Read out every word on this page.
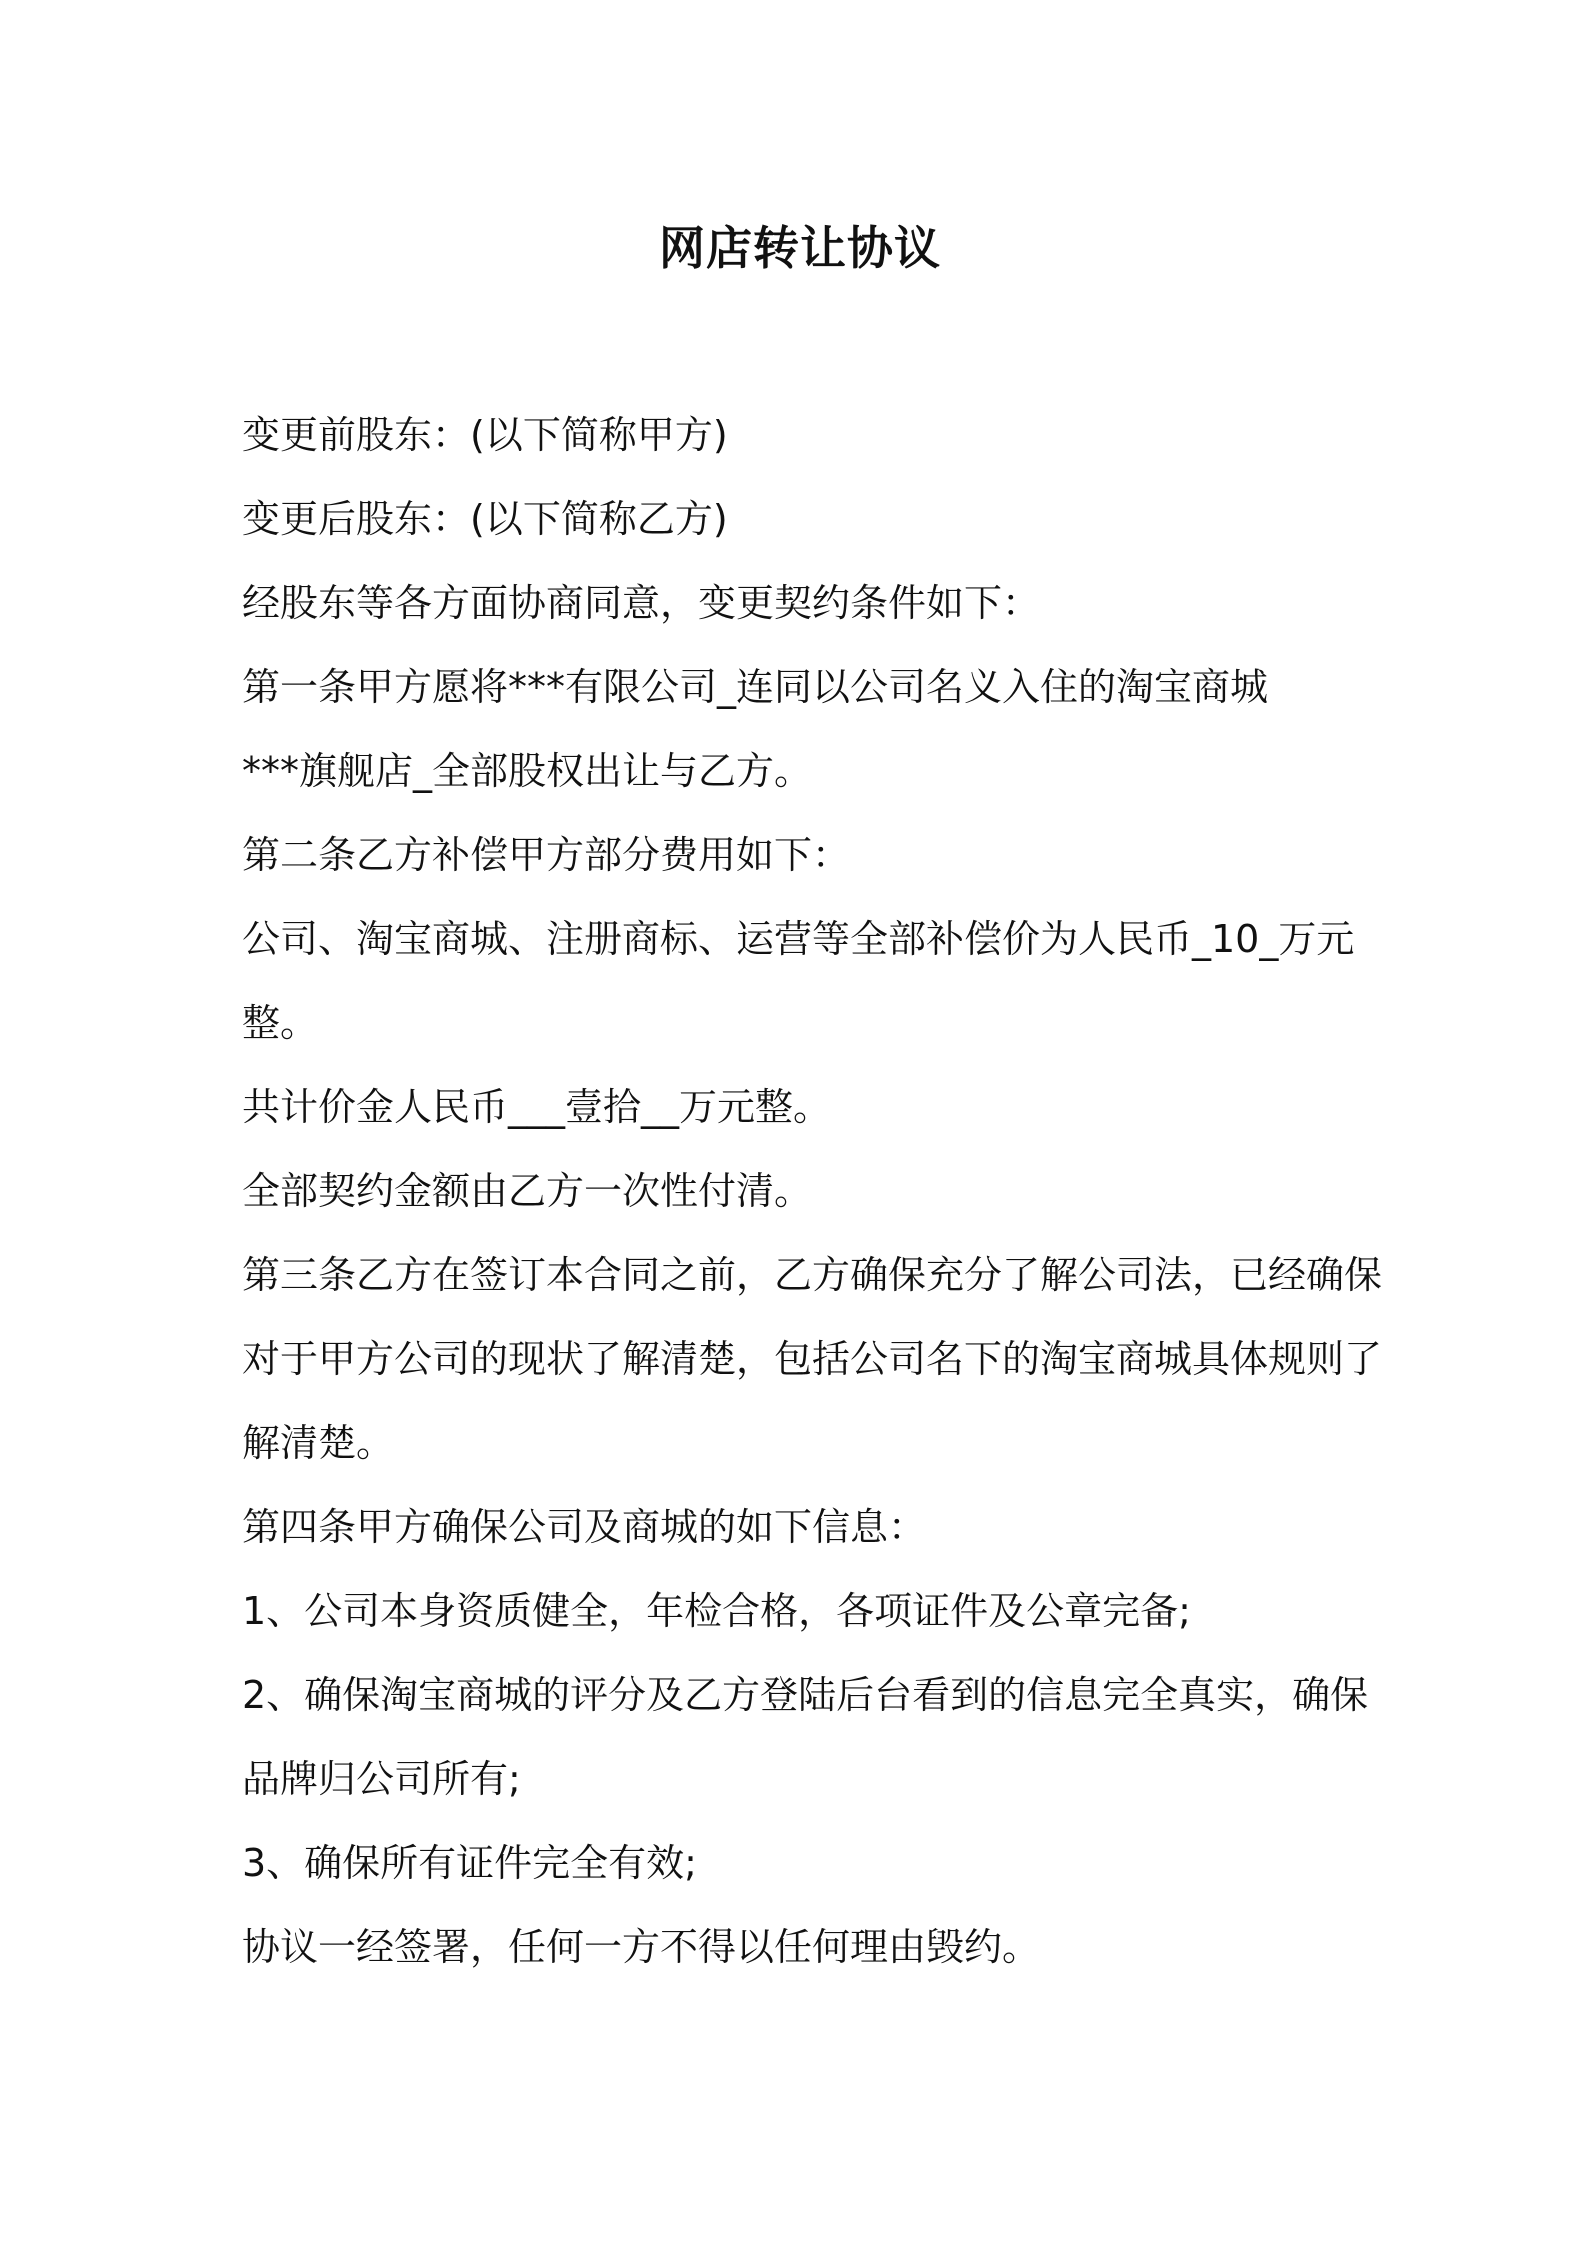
网店转让协议
变更前股东：(以下简称甲方)
变更后股东：(以下简称乙方)
经股东等各方面协商同意，变更契约条件如下：
第一条甲方愿将***有限公司_连同以公司名义入住的淘宝商城
***旗舰店_全部股权出让与乙方。
第二条乙方补偿甲方部分费用如下：
公司、淘宝商城、注册商标、运营等全部补偿价为人民币_10_万元
整。
共计价金人民币___壹拾__万元整。
全部契约金额由乙方一次性付清。
第三条乙方在签订本合同之前，乙方确保充分了解公司法，已经确保
对于甲方公司的现状了解清楚，包括公司名下的淘宝商城具体规则了
解清楚。
第四条甲方确保公司及商城的如下信息：
1、公司本身资质健全，年检合格，各项证件及公章完备;
2、确保淘宝商城的评分及乙方登陆后台看到的信息完全真实，确保
品牌归公司所有;
3、确保所有证件完全有效;
协议一经签署，任何一方不得以任何理由毁约。
